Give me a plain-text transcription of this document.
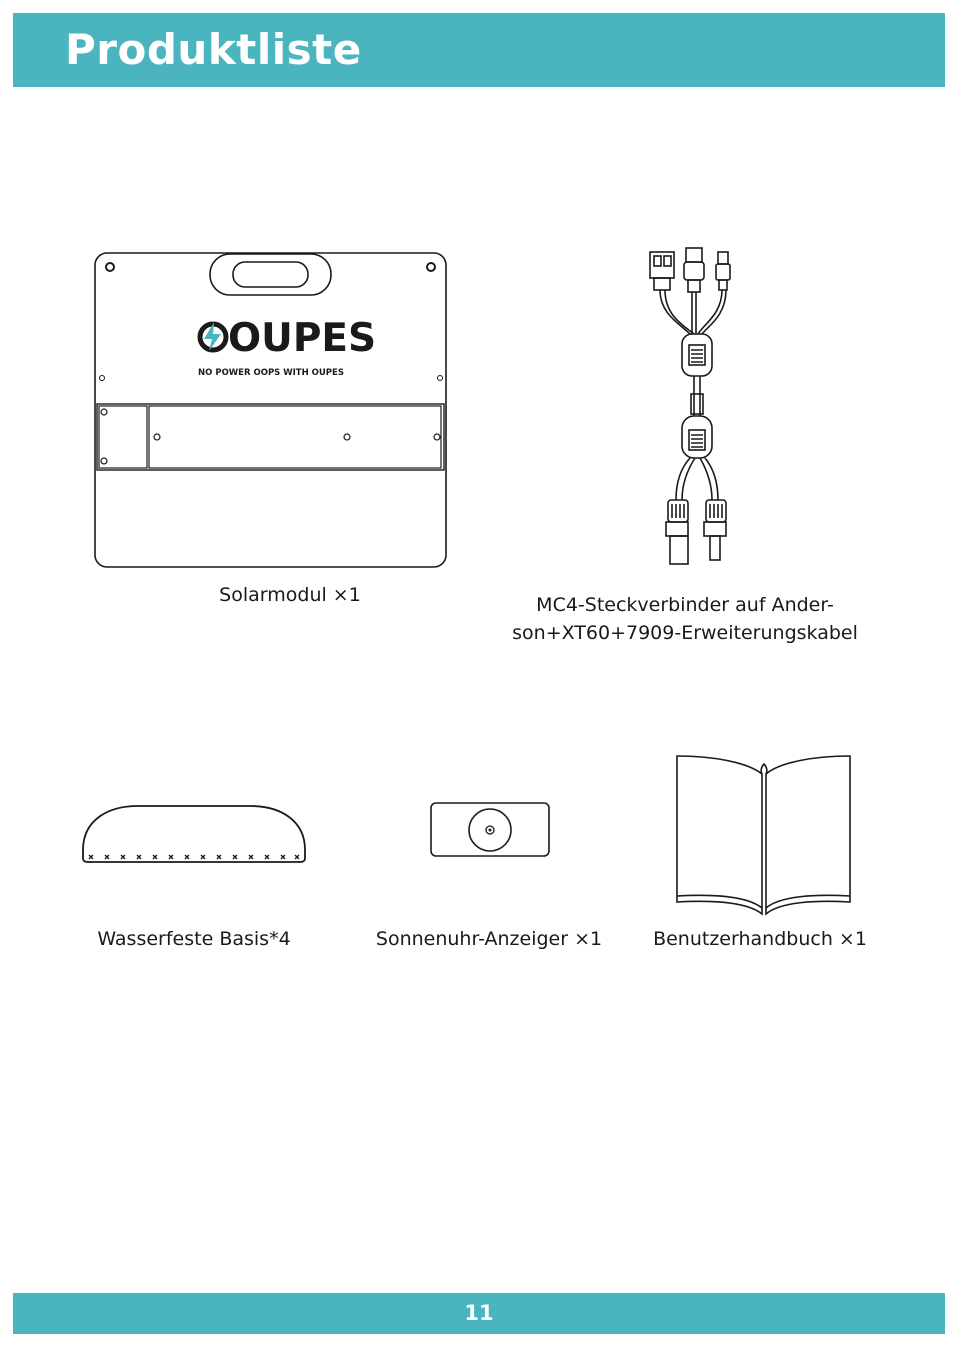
Produktliste
OUPES
NO POWER OOPS WITH OUPES
Solarmodul ×1	MC4-Steckverbinder auf Ander-
son+XT60+7909-Erweiterungskabel
Wasserfeste Basis*4	Sonnenuhr-Anzeiger ×1	Benutzerhandbuch ×1
11
